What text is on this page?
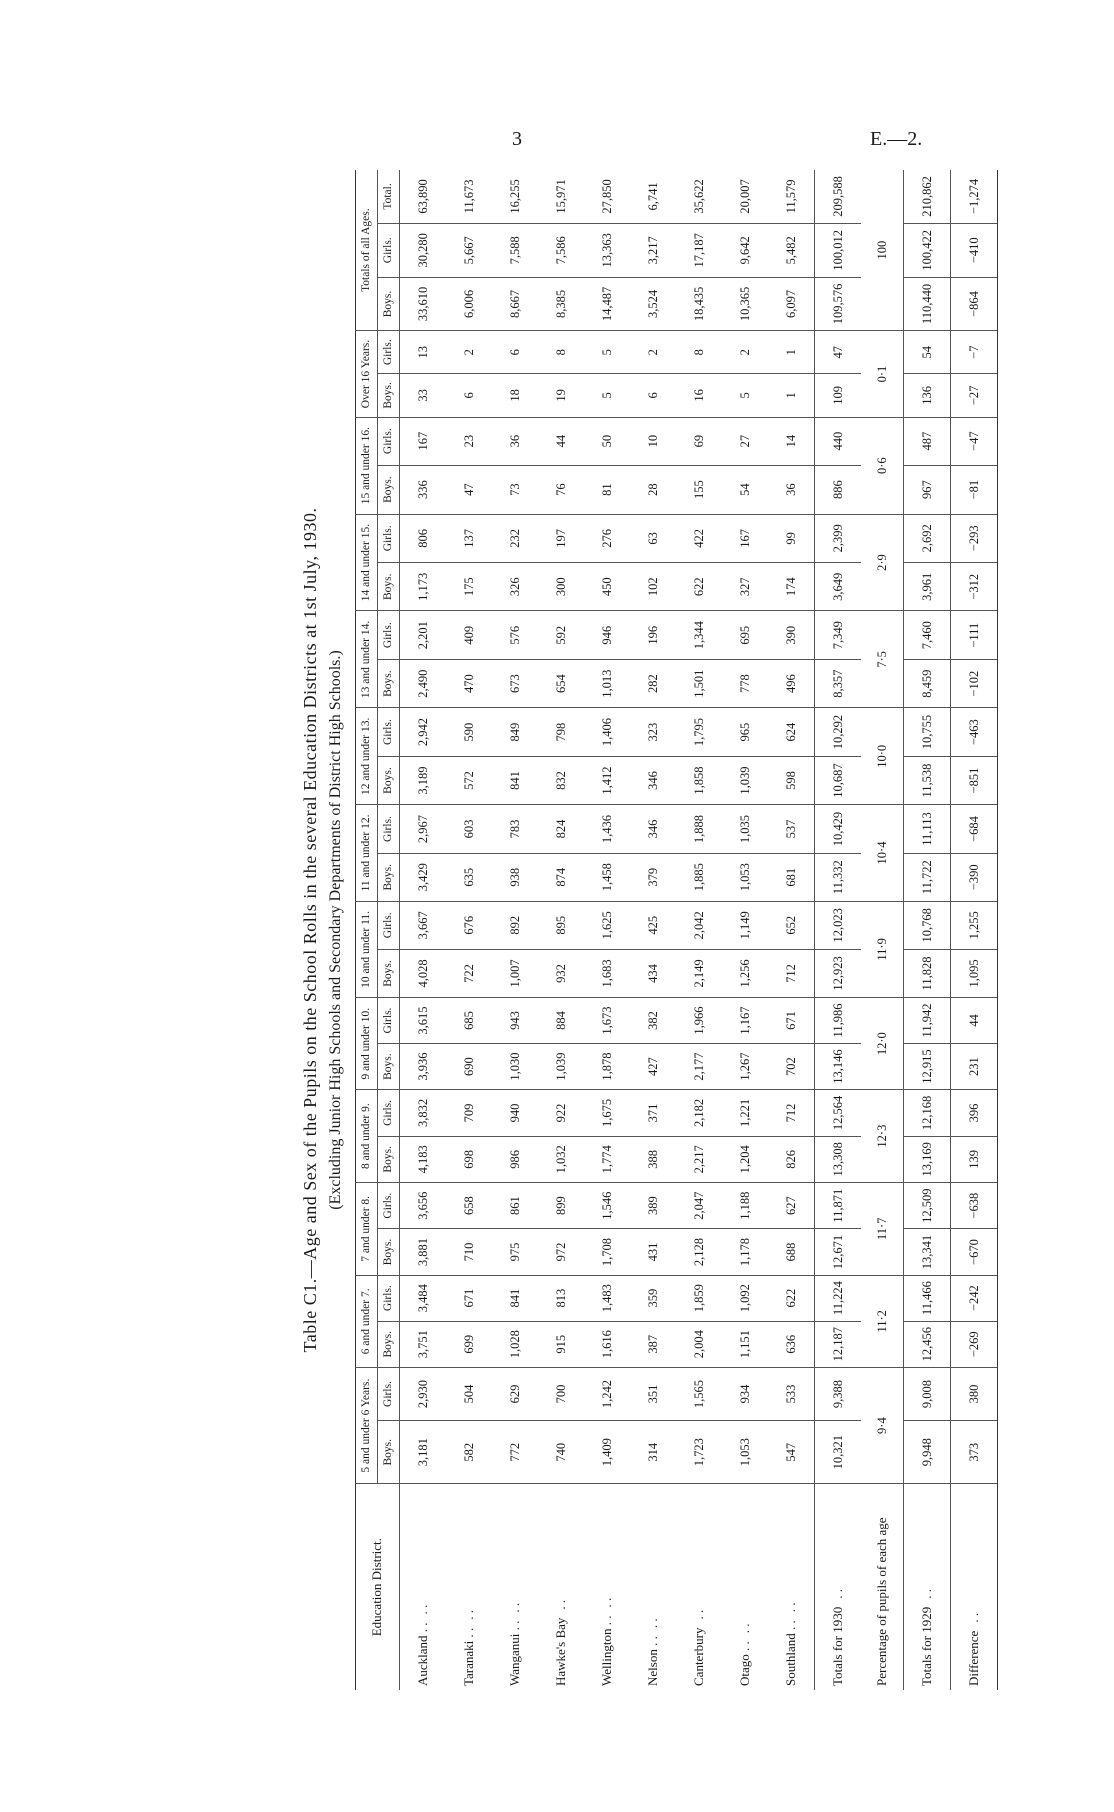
3	E.—2.
Table C1.—Age and Sex of the Pupils on the School Rolls in the several Education Districts at 1st July, 1930. (Excluding Junior High Schools and Secondary Departments of District High Schools.)
Education District.	5 and under 6 Years.		6 and under 7.		7 and under 8.		8 and under 9.		9 and under 10.		10 and under 11.		11 and under 12.		12 and under 13.		13 and under 14.		14 and under 15.		15 and under 16.		Over 16 Years.		Totals of all Ages.		
	Boys.	Girls.	Boys.	Girls.	Boys.	Girls.	Boys.	Girls.	Boys.	Girls.	Boys.	Girls.	Boys.	Girls.	Boys.	Girls.	Boys.	Girls.	Boys.	Girls.	Boys.	Girls.	Boys.	Girls.	Boys.	Girls.	Total.
Auckland . .. .	3,181	2,930	3,751	3,484	3,881	3,656	4,183	3,832	3,936	3,615	4,028	3,667	3,429	2,967	3,189	2,942	2,490	2,201	1,173	806	336	167	33	13	33,610	30,280	63,890
Taranaki . .. .	582	504	699	671	710	658	698	709	690	685	722	676	635	603	572	590	470	409	175	137	47	23	6	2	6,006	5,667	11,673
Wanganui . .. .	772	629	1,028	841	975	861	986	940	1,030	943	1,007	892	938	783	841	849	673	576	326	232	73	36	18	6	8,667	7,588	16,255
Hawke's Bay. .	740	700	915	813	972	899	1,032	922	1,039	884	932	895	874	824	832	798	654	592	300	197	76	44	19	8	8,385	7,586	15,971
Wellington . .. .	1,409	1,242	1,616	1,483	1,708	1,546	1,774	1,675	1,878	1,673	1,683	1,625	1,458	1,436	1,412	1,406	1,013	946	450	276	81	50	5	5	14,487	13,363	27,850
Nelson . .. .	314	351	387	359	431	389	388	371	427	382	434	425	379	346	346	323	282	196	102	63	28	10	6	2	3,524	3,217	6,741
Canterbury. .	1,723	1,565	2,004	1,859	2,128	2,047	2,217	2,182	2,177	1,966	2,149	2,042	1,885	1,888	1,858	1,795	1,501	1,344	622	422	155	69	16	8	18,435	17,187	35,622
Otago . .. .	1,053	934	1,151	1,092	1,178	1,188	1,204	1,221	1,267	1,167	1,256	1,149	1,053	1,035	1,039	965	778	695	327	167	54	27	5	2	10,365	9,642	20,007
Southland . .. .	547	533	636	622	688	627	826	712	702	671	712	652	681	537	598	624	496	390	174	99	36	14	1	1	6,097	5,482	11,579
Totals for 1930. .	10,321	9,388	12,187	11,224	12,671	11,871	13,308	12,564	13,146	11,986	12,923	12,023	11,332	10,429	10,687	10,292	8,357	7,349	3,649	2,399	886	440	109	47	109,576	100,012	209,588
Percentage of pupils of each age	9·4		11·2		11·7		12·3		12·0		11·9		10·4		10·0		7·5		2·9		0·6		0·1		100		
Totals for 1929. .	9,948	9,008	12,456	11,466	13,341	12,509	13,169	12,168	12,915	11,942	11,828	10,768	11,722	11,113	11,538	10,755	8,459	7,460	3,961	2,692	967	487	136	54	110,440	100,422	210,862
Difference. .	373	380	−269	−242	−670	−638	139	396	231	44	1,095	1,255	−390	−684	−851	−463	−102	−111	−312	−293	−81	−47	−27	−7	−864	−410	−1,274
